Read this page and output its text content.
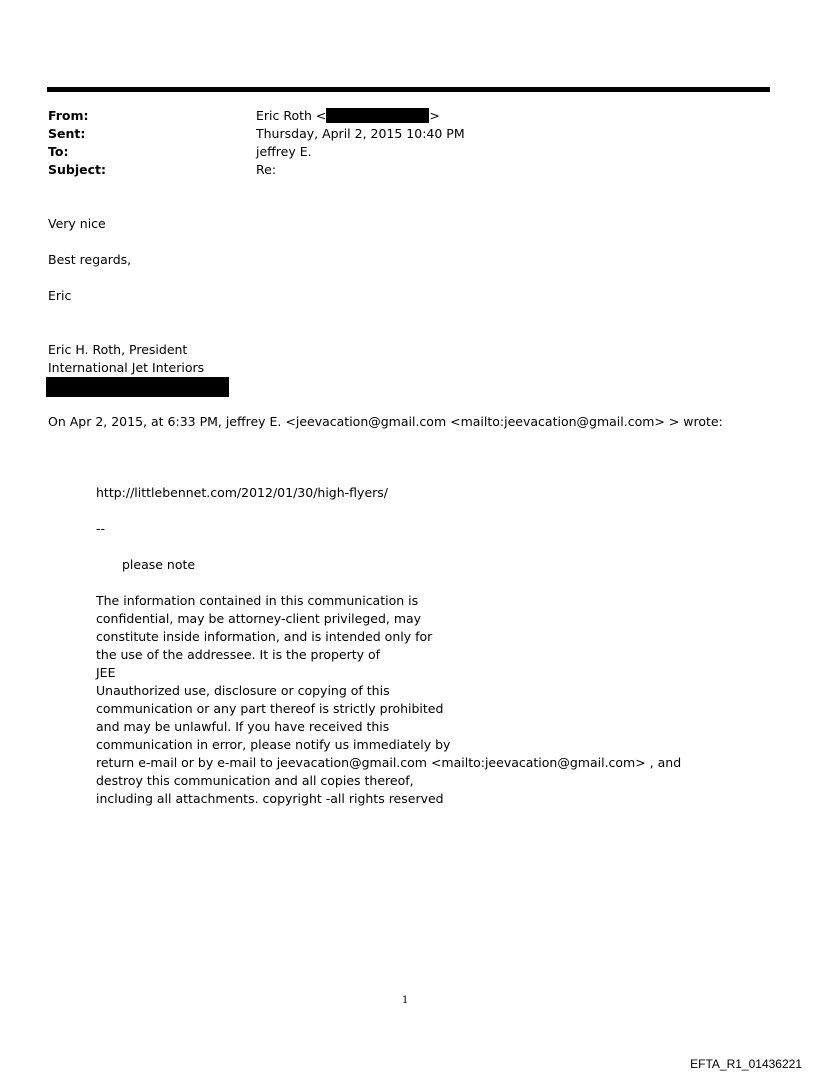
From:	Eric Roth <	>
Sent:	Thursday, April 2, 2015 10:40 PM
To:	jeffrey E.
Subject:	Re:
Very nice
Best regards,
Eric
Eric H. Roth, President
International Jet Interiors
On Apr 2, 2015, at 6:33 PM, jeffrey E. <jeevacation@gmail.com <mailto:jeevacation@gmail.com> > wrote:
http://littlebennet.com/2012/01/30/high-flyers/
--
please note
The information contained in this communication is
confidential, may be attorney-client privileged, may
constitute inside information, and is intended only for
the use of the addressee. It is the property of
JEE
Unauthorized use, disclosure or copying of this
communication or any part thereof is strictly prohibited
and may be unlawful. If you have received this
communication in error, please notify us immediately by
return e-mail or by e-mail to jeevacation@gmail.com <mailto:jeevacation@gmail.com> , and
destroy this communication and all copies thereof,
including all attachments. copyright -all rights reserved
1
EFTA_R1_01436221
